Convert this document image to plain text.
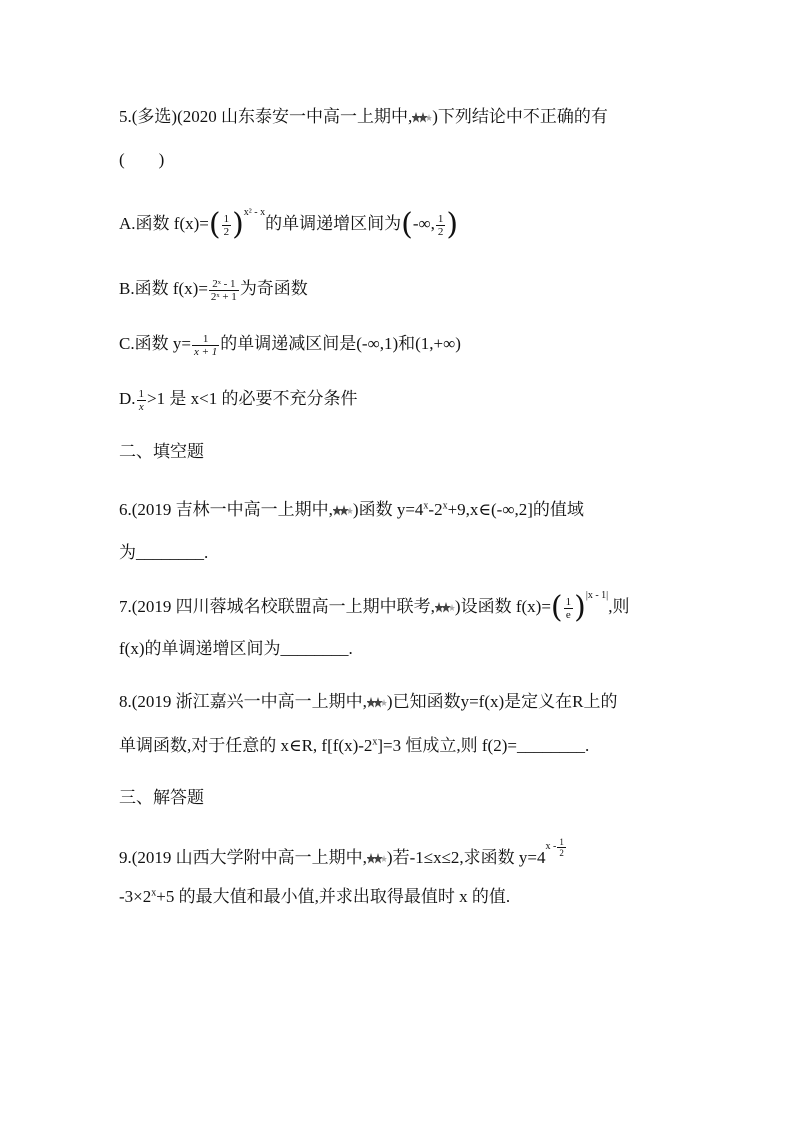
5.(多选)(2020 山东泰安一中高一上期中, )下列结论中不正确的有
(　　)
A.函数 $f(x)=( \frac{1}{2} )^{x^2 - x}$的单调递增区间为(-∞, $\frac{1}{2}$ )
B.函数 $f(x)= \frac{\text{2ˣ - 1}}{\text{2ˣ + 1}}$ 为奇函数
C.函数 $y= \frac{1}{x + 1}$ 的单调递减区间是(-∞,1)和(1,+∞)
D. $\frac{1}{x} >1$ 是 x<1 的必要不充分条件
二、填空题
6.(2019 吉林一中高一上期中, )函数 $y=4^x-2^x+9,x\in(-\infty,2]$的值域
为________.
7.(2019 四川蓉城名校联盟高一上期中联考, )设函数 $f(x)=( \frac{1}{e} )^{|x - 1|}$,则
f(x)的单调递增区间为________.
8.(2019 浙江嘉兴一中高一上期中, )已知函数y=f(x)是定义在R上的
单调函数,对于任意的 x∈R, $f[f(x)-2^x]=3$ 恒成立,则 f(2)=________.
三、解答题
9.(2019 山西大学附中高一上期中, )若-1≤x≤2,求函数 $y=4^{x -} \frac{1}{2}$
$-3\times 2^x+5$ 的最大值和最小值,并求出取得最值时 x 的值.
